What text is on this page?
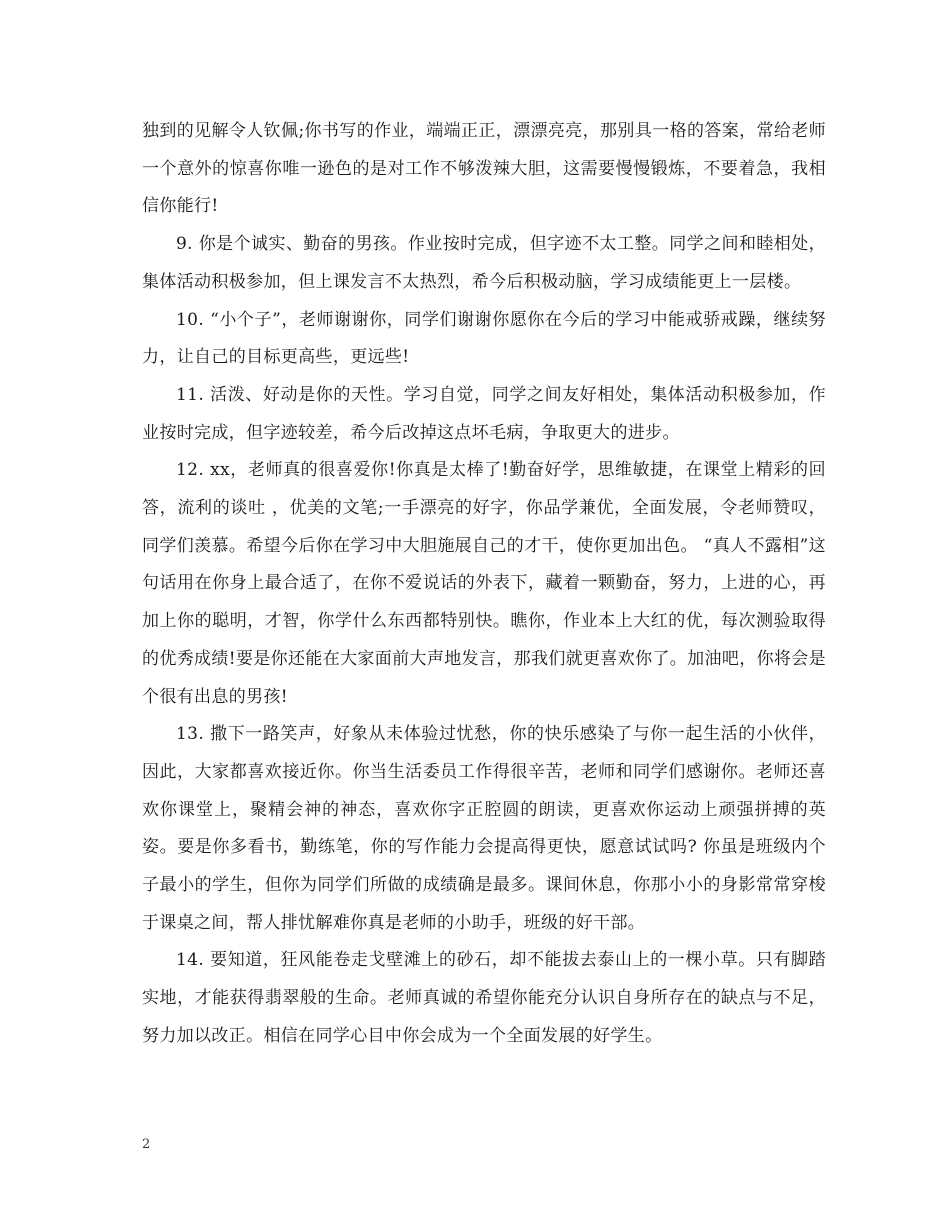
独到的见解令人钦佩;你书写的作业，端端正正，漂漂亮亮，那别具一格的答案，常给老师一个意外的惊喜你唯一逊色的是对工作不够泼辣大胆，这需要慢慢锻炼，不要着急，我相信你能行!

9. 你是个诚实、勤奋的男孩。作业按时完成，但字迹不太工整。同学之间和睦相处，集体活动积极参加，但上课发言不太热烈，希今后积极动脑，学习成绩能更上一层楼。

10. “小个子”，老师谢谢你，同学们谢谢你愿你在今后的学习中能戒骄戒躁，继续努力，让自己的目标更高些，更远些!

11. 活泼、好动是你的天性。学习自觉，同学之间友好相处，集体活动积极参加，作业按时完成，但字迹较差，希今后改掉这点坏毛病，争取更大的进步。

12. xx，老师真的很喜爱你!你真是太棒了!勤奋好学，思维敏捷，在课堂上精彩的回答，流利的谈吐 ，优美的文笔;一手漂亮的好字，你品学兼优，全面发展，令老师赞叹，同学们羡慕。希望今后你在学习中大胆施展自己的才干，使你更加出色。 “真人不露相”这句话用在你身上最合适了，在你不爱说话的外表下，藏着一颗勤奋，努力，上进的心，再加上你的聪明，才智，你学什么东西都特别快。瞧你，作业本上大红的优，每次测验取得的优秀成绩!要是你还能在大家面前大声地发言，那我们就更喜欢你了。加油吧，你将会是个很有出息的男孩!

13. 撒下一路笑声，好象从未体验过忧愁，你的快乐感染了与你一起生活的小伙伴，因此，大家都喜欢接近你。你当生活委员工作得很辛苦，老师和同学们感谢你。老师还喜欢你课堂上，聚精会神的神态，喜欢你字正腔圆的朗读，更喜欢你运动上顽强拼搏的英姿。要是你多看书，勤练笔，你的写作能力会提高得更快，愿意试试吗? 你虽是班级内个子最小的学生，但你为同学们所做的成绩确是最多。课间休息，你那小小的身影常常穿梭于课桌之间，帮人排忧解难你真是老师的小助手，班级的好干部。

14. 要知道，狂风能卷走戈壁滩上的砂石，却不能拔去泰山上的一棵小草。只有脚踏实地，才能获得翡翠般的生命。老师真诚的希望你能充分认识自身所存在的缺点与不足，努力加以改正。相信在同学心目中你会成为一个全面发展的好学生。

2
